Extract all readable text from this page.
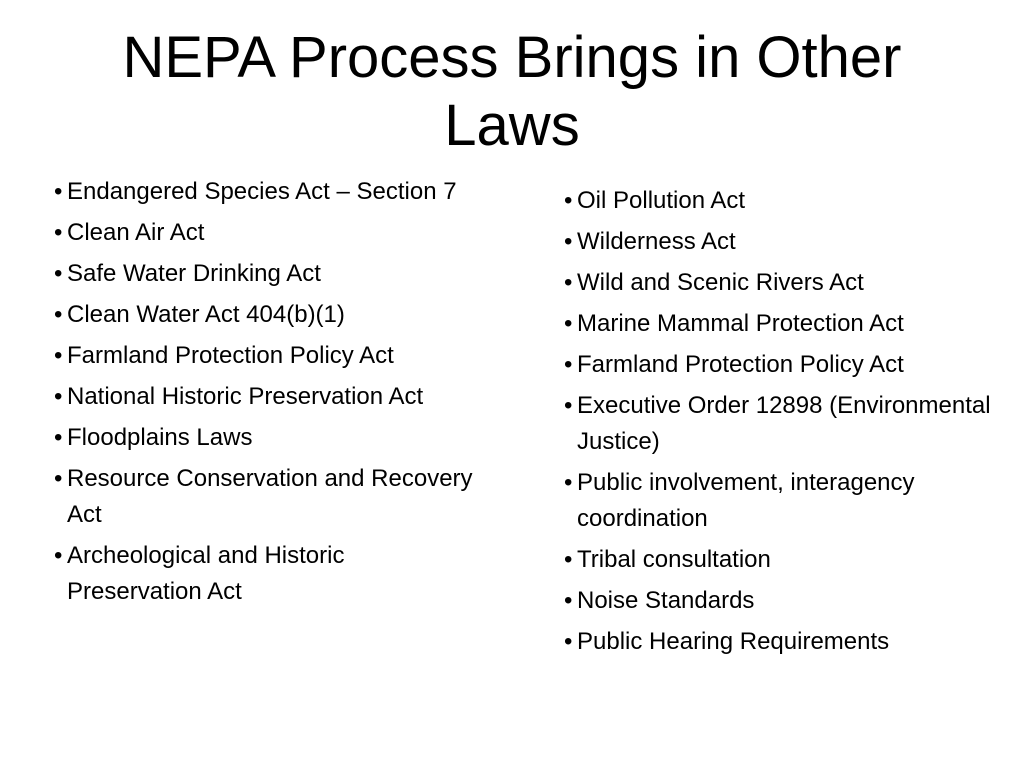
NEPA Process Brings in Other
Laws
• Endangered Species Act – Section 7
• Clean Air Act
• Safe Water Drinking Act
• Clean Water Act 404(b)(1)
• Farmland Protection Policy Act
• National Historic Preservation Act
• Floodplains Laws
• Resource Conservation and Recovery Act
• Archeological and Historic Preservation Act
• Oil Pollution Act
• Wilderness Act
• Wild and Scenic Rivers Act
• Marine Mammal Protection Act
• Farmland Protection Policy Act
• Executive Order 12898 (Environmental Justice)
• Public involvement, interagency coordination
• Tribal consultation
• Noise Standards
• Public Hearing Requirements
